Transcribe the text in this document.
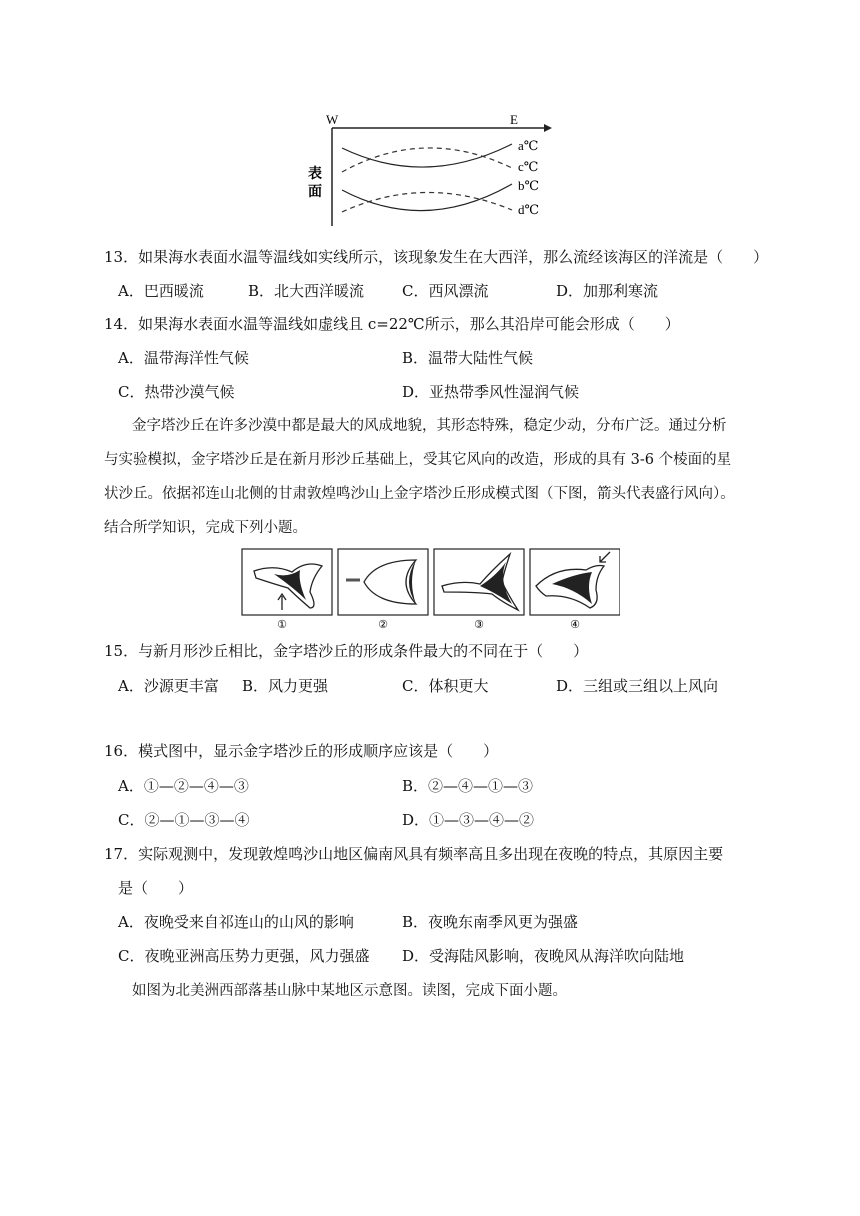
W	E
表
面
a℃
c℃
b℃
d℃
13．如果海水表面水温等温线如实线所示，该现象发生在大西洋，那么流经该海区的洋流是（　　）
A．巴西暖流	B．北大西洋暖流	C．西风漂流	D．加那利寒流
14．如果海水表面水温等温线如虚线且 c=22℃所示，那么其沿岸可能会形成（　　）
A．温带海洋性气候	B．温带大陆性气候
C．热带沙漠气候	D．亚热带季风性湿润气候
金字塔沙丘在许多沙漠中都是最大的风成地貌，其形态特殊，稳定少动，分布广泛。通过分析
与实验模拟，金字塔沙丘是在新月形沙丘基础上，受其它风向的改造，形成的具有 3-6 个棱面的星
状沙丘。依据祁连山北侧的甘肃敦煌鸣沙山上金字塔沙丘形成模式图（下图，箭头代表盛行风向）。
结合所学知识，完成下列小题。
①	②	③	④
15．与新月形沙丘相比，金字塔沙丘的形成条件最大的不同在于（　　）
A．沙源更丰富 B．风力更强	C．体积更大	D．三组或三组以上风向
16．模式图中，显示金字塔沙丘的形成顺序应该是（　　）
A．①—②—④—③	B．②—④—①—③
C．②—①—③—④	D．①—③—④—②
17．实际观测中，发现敦煌鸣沙山地区偏南风具有频率高且多出现在夜晚的特点，其原因主要
是（　　）
A．夜晚受来自祁连山的山风的影响	B．夜晚东南季风更为强盛
C．夜晚亚洲高压势力更强，风力强盛 D．受海陆风影响，夜晚风从海洋吹向陆地
如图为北美洲西部落基山脉中某地区示意图。读图，完成下面小题。
